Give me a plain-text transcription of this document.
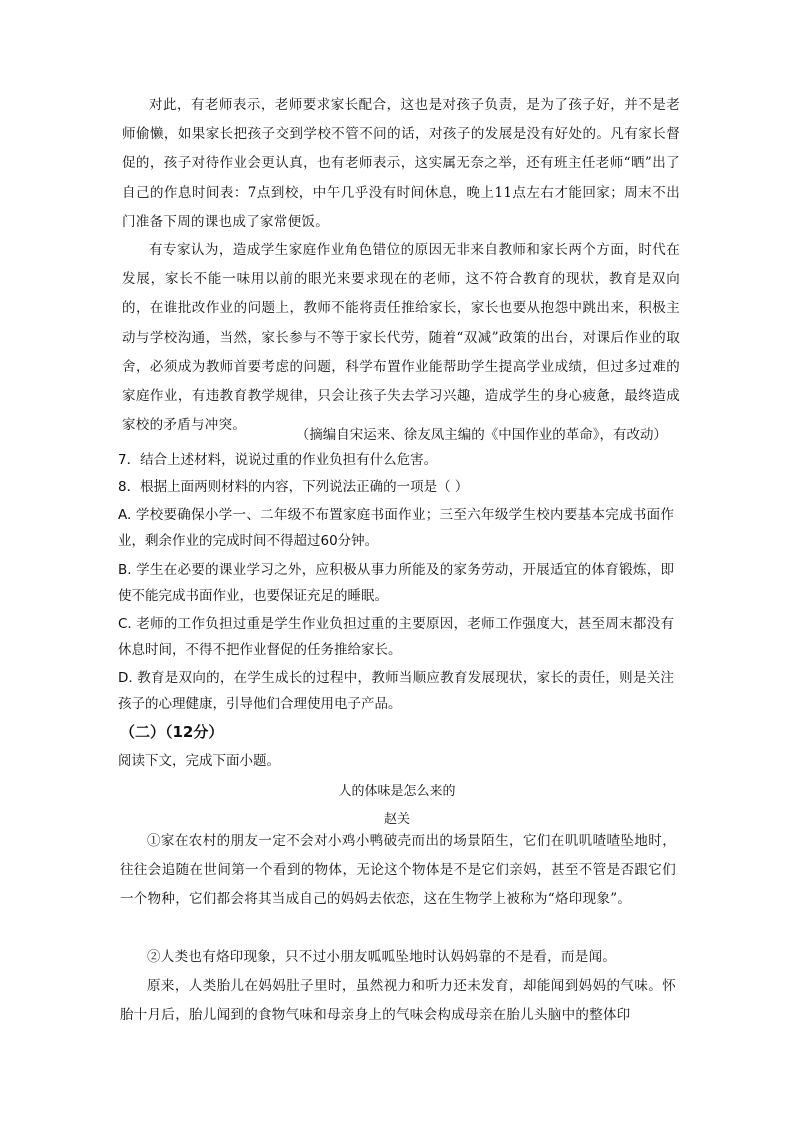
对此，有老师表示，老师要求家长配合，这也是对孩子负责，是为了孩子好，并不是老师偷懒，如果家长把孩子交到学校不管不问的话，对孩子的发展是没有好处的。凡有家长督促的，孩子对待作业会更认真，也有老师表示，这实属无奈之举，还有班主任老师“晒”出了自己的作息时间表：7点到校，中午几乎没有时间休息，晚上11点左右才能回家；周末不出门准备下周的课也成了家常便饭。
有专家认为，造成学生家庭作业角色错位的原因无非来自教师和家长两个方面，时代在发展，家长不能一味用以前的眼光来要求现在的老师，这不符合教育的现状，教育是双向的，在谁批改作业的问题上，教师不能将责任推给家长，家长也要从抱怨中跳出来，积极主动与学校沟通，当然，家长参与不等于家长代劳，随着“双减”政策的出台，对课后作业的取舍，必须成为教师首要考虑的问题，科学布置作业能帮助学生提高学业成绩，但过多过难的家庭作业，有违教育教学规律，只会让孩子失去学习兴趣，造成学生的身心疲惫，最终造成家校的矛盾与冲突。
（摘编自宋运来、徐友凤主编的《中国作业的革命》，有改动）
7．结合上述材料，说说过重的作业负担有什么危害。
8．根据上面两则材料的内容，下列说法正确的一项是（ ）
A. 学校要确保小学一、二年级不布置家庭书面作业；三至六年级学生校内要基本完成书面作业，剩余作业的完成时间不得超过60分钟。
B. 学生在必要的课业学习之外，应积极从事力所能及的家务劳动，开展适宜的体育锻炼，即使不能完成书面作业，也要保证充足的睡眠。
C. 老师的工作负担过重是学生作业负担过重的主要原因，老师工作强度大，甚至周末都没有休息时间，不得不把作业督促的任务推给家长。
D. 教育是双向的，在学生成长的过程中，教师当顺应教育发展现状，家长的责任，则是关注孩子的心理健康，引导他们合理使用电子产品。
（二）（12分）
阅读下文，完成下面小题。
人的体味是怎么来的
赵关
①家在农村的朋友一定不会对小鸡小鸭破壳而出的场景陌生，它们在叽叽喳喳坠地时，往往会追随在世间第一个看到的物体，无论这个物体是不是它们亲妈，甚至不管是否跟它们一个物种，它们都会将其当成自己的妈妈去依恋，这在生物学上被称为“烙印现象”。
②人类也有烙印现象，只不过小朋友呱呱坠地时认妈妈靠的不是看，而是闻。
原来，人类胎儿在妈妈肚子里时，虽然视力和听力还未发育，却能闻到妈妈的气味。怀胎十月后，胎儿闻到的食物气味和母亲身上的气味会构成母亲在胎儿头脑中的整体印
